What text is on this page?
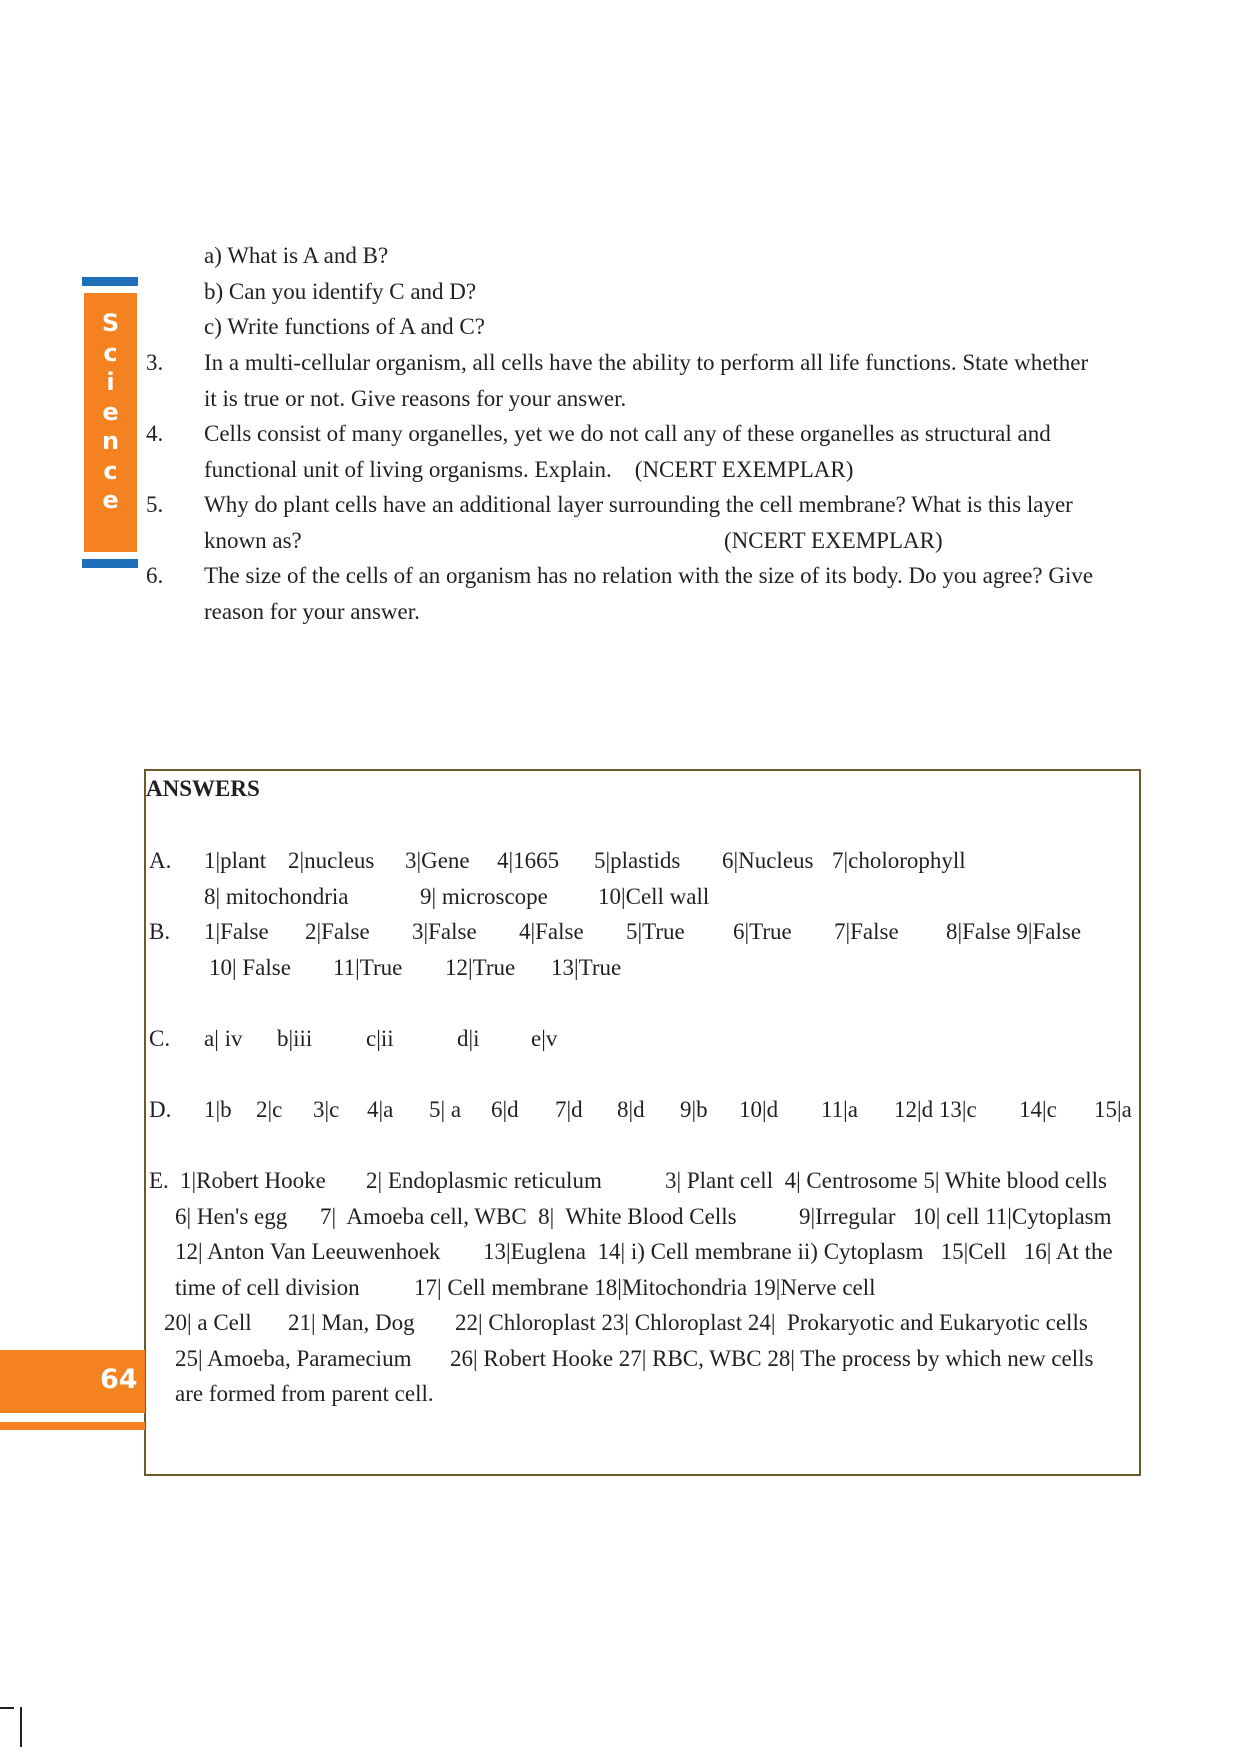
S
c
i
e
n
c
e
a) What is A and B?
b) Can you identify C and D?
c) Write functions of A and C?
3. In a multi-cellular organism, all cells have the ability to perform all life functions. State whether
it is true or not. Give reasons for your answer.
4. Cells consist of many organelles, yet we do not call any of these organelles as structural and
functional unit of living organisms. Explain.    (NCERT EXEMPLAR)
5. Why do plant cells have an additional layer surrounding the cell membrane? What is this layer
known as?	(NCERT EXEMPLAR)
6. The size of the cells of an organism has no relation with the size of its body. Do you agree? Give
reason for your answer.
ANSWERS
A. 1|plant 2|nucleus 3|Gene 4|1665 5|plastids 6|Nucleus 7|cholorophyll
8| mitochondria	9| microscope 10|Cell wall
B. 1|False 2|False 3|False 4|False 5|True 6|True 7|False 8|False 9|False
10| False 11|True 12|True 13|True
C. a| iv b|iii c|ii	d|i e|v
D. 1|b 2|c 3|c 4|a 5| a 6|d 7|d 8|d 9|b 10|d 11|a 12|d 13|c 14|c 15|a
E. 1|Robert Hooke 2| Endoplasmic reticulum	3| Plant cell  4| Centrosome 5| White blood cells
6| Hen's egg 7|  Amoeba cell, WBC  8|  White Blood Cells	9|Irregular   10| cell 11|Cytoplasm
12| Anton Van Leeuwenhoek 13|Euglena  14| i) Cell membrane ii) Cytoplasm   15|Cell   16| At the
time of cell division 17| Cell membrane 18|Mitochondria 19|Nerve cell
20| a Cell 21| Man, Dog 22| Chloroplast 23| Chloroplast 24|  Prokaryotic and Eukaryotic cells
25| Amoeba, Paramecium 26| Robert Hooke 27| RBC, WBC 28| The process by which new cells
are formed from parent cell.
64
